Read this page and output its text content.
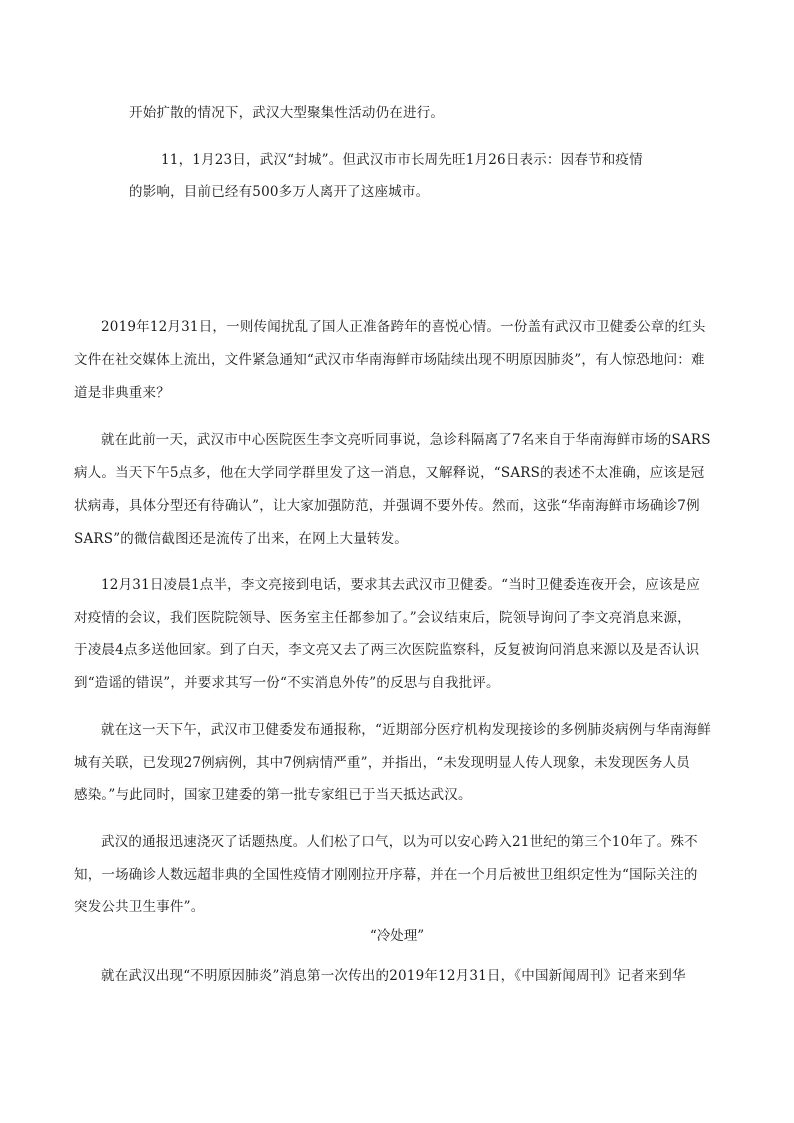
开始扩散的情况下，武汉大型聚集性活动仍在进行。
11，1月23日，武汉“封城”。但武汉市市长周先旺1月26日表示：因春节和疫情
的影响，目前已经有500多万人离开了这座城市。
2019年12月31日，一则传闻扰乱了国人正准备跨年的喜悦心情。一份盖有武汉市卫健委公章的红头
文件在社交媒体上流出，文件紧急通知“武汉市华南海鲜市场陆续出现不明原因肺炎”，有人惊恐地问：难
道是非典重来？
就在此前一天，武汉市中心医院医生李文亮听同事说，急诊科隔离了7名来自于华南海鲜市场的SARS
病人。当天下午5点多，他在大学同学群里发了这一消息，又解释说，“SARS的表述不太准确，应该是冠
状病毒，具体分型还有待确认”，让大家加强防范，并强调不要外传。然而，这张“华南海鲜市场确诊7例
SARS”的微信截图还是流传了出来，在网上大量转发。
12月31日凌晨1点半，李文亮接到电话，要求其去武汉市卫健委。“当时卫健委连夜开会，应该是应
对疫情的会议，我们医院院领导、医务室主任都参加了。”会议结束后，院领导询问了李文亮消息来源，
于凌晨4点多送他回家。到了白天，李文亮又去了两三次医院监察科，反复被询问消息来源以及是否认识
到“造谣的错误”，并要求其写一份“不实消息外传”的反思与自我批评。
就在这一天下午，武汉市卫健委发布通报称，“近期部分医疗机构发现接诊的多例肺炎病例与华南海鲜
城有关联，已发现27例病例，其中7例病情严重”，并指出，“未发现明显人传人现象，未发现医务人员
感染。”与此同时，国家卫建委的第一批专家组已于当天抵达武汉。
武汉的通报迅速浇灭了话题热度。人们松了口气，以为可以安心跨入21世纪的第三个10年了。殊不
知，一场确诊人数远超非典的全国性疫情才刚刚拉开序幕，并在一个月后被世卫组织定性为“国际关注的
突发公共卫生事件”。
“冷处理”
就在武汉出现“不明原因肺炎”消息第一次传出的2019年12月31日，《中国新闻周刊》记者来到华
